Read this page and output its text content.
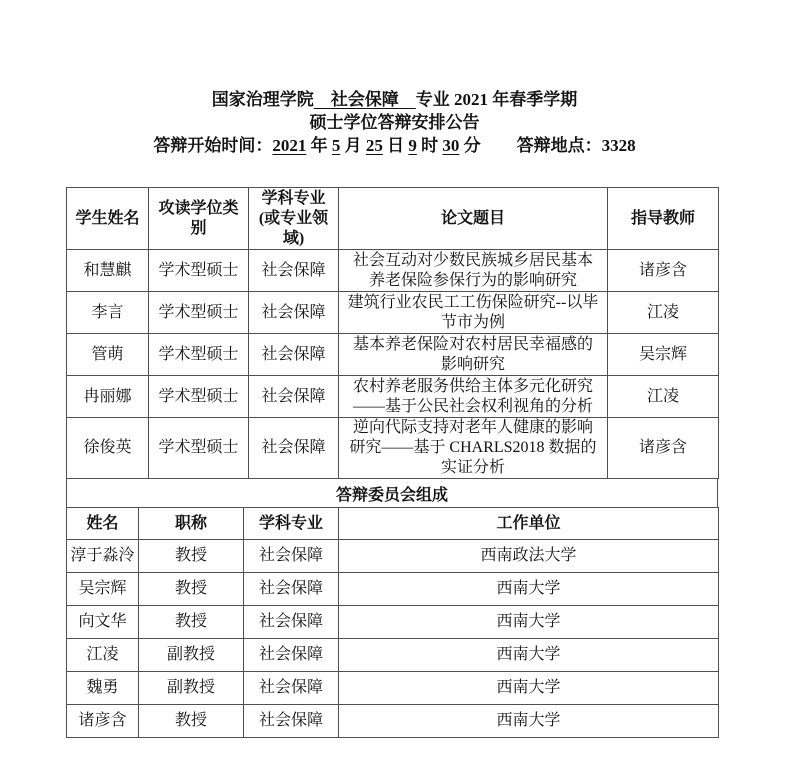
国家治理学院　 社会保障　 专业 2021 年春季学期
硕士学位答辩安排公告
答辩开始时间：2021 年 5 月 25 日 9 时 30 分 答辩地点：3328
学生姓名	攻读学位类别	学科专业(或专业领域)	论文题目	指导教师
和慧麒	学术型硕士	社会保障	社会互动对少数民族城乡居民基本养老保险参保行为的影响研究	诸彦含
李言	学术型硕士	社会保障	建筑行业农民工工伤保险研究--以毕节市为例	江凌
管萌	学术型硕士	社会保障	基本养老保险对农村居民幸福感的影响研究	吴宗辉
冉丽娜	学术型硕士	社会保障	农村养老服务供给主体多元化研究——基于公民社会权利视角的分析	江凌
徐俊英	学术型硕士	社会保障	逆向代际支持对老年人健康的影响研究——基于 CHARLS2018 数据的实证分析	诸彦含
答辩委员会组成
姓名	职称	学科专业	工作单位
淳于淼泠	教授	社会保障	西南政法大学
吴宗辉	教授	社会保障	西南大学
向文华	教授	社会保障	西南大学
江凌	副教授	社会保障	西南大学
魏勇	副教授	社会保障	西南大学
诸彦含	教授	社会保障	西南大学
